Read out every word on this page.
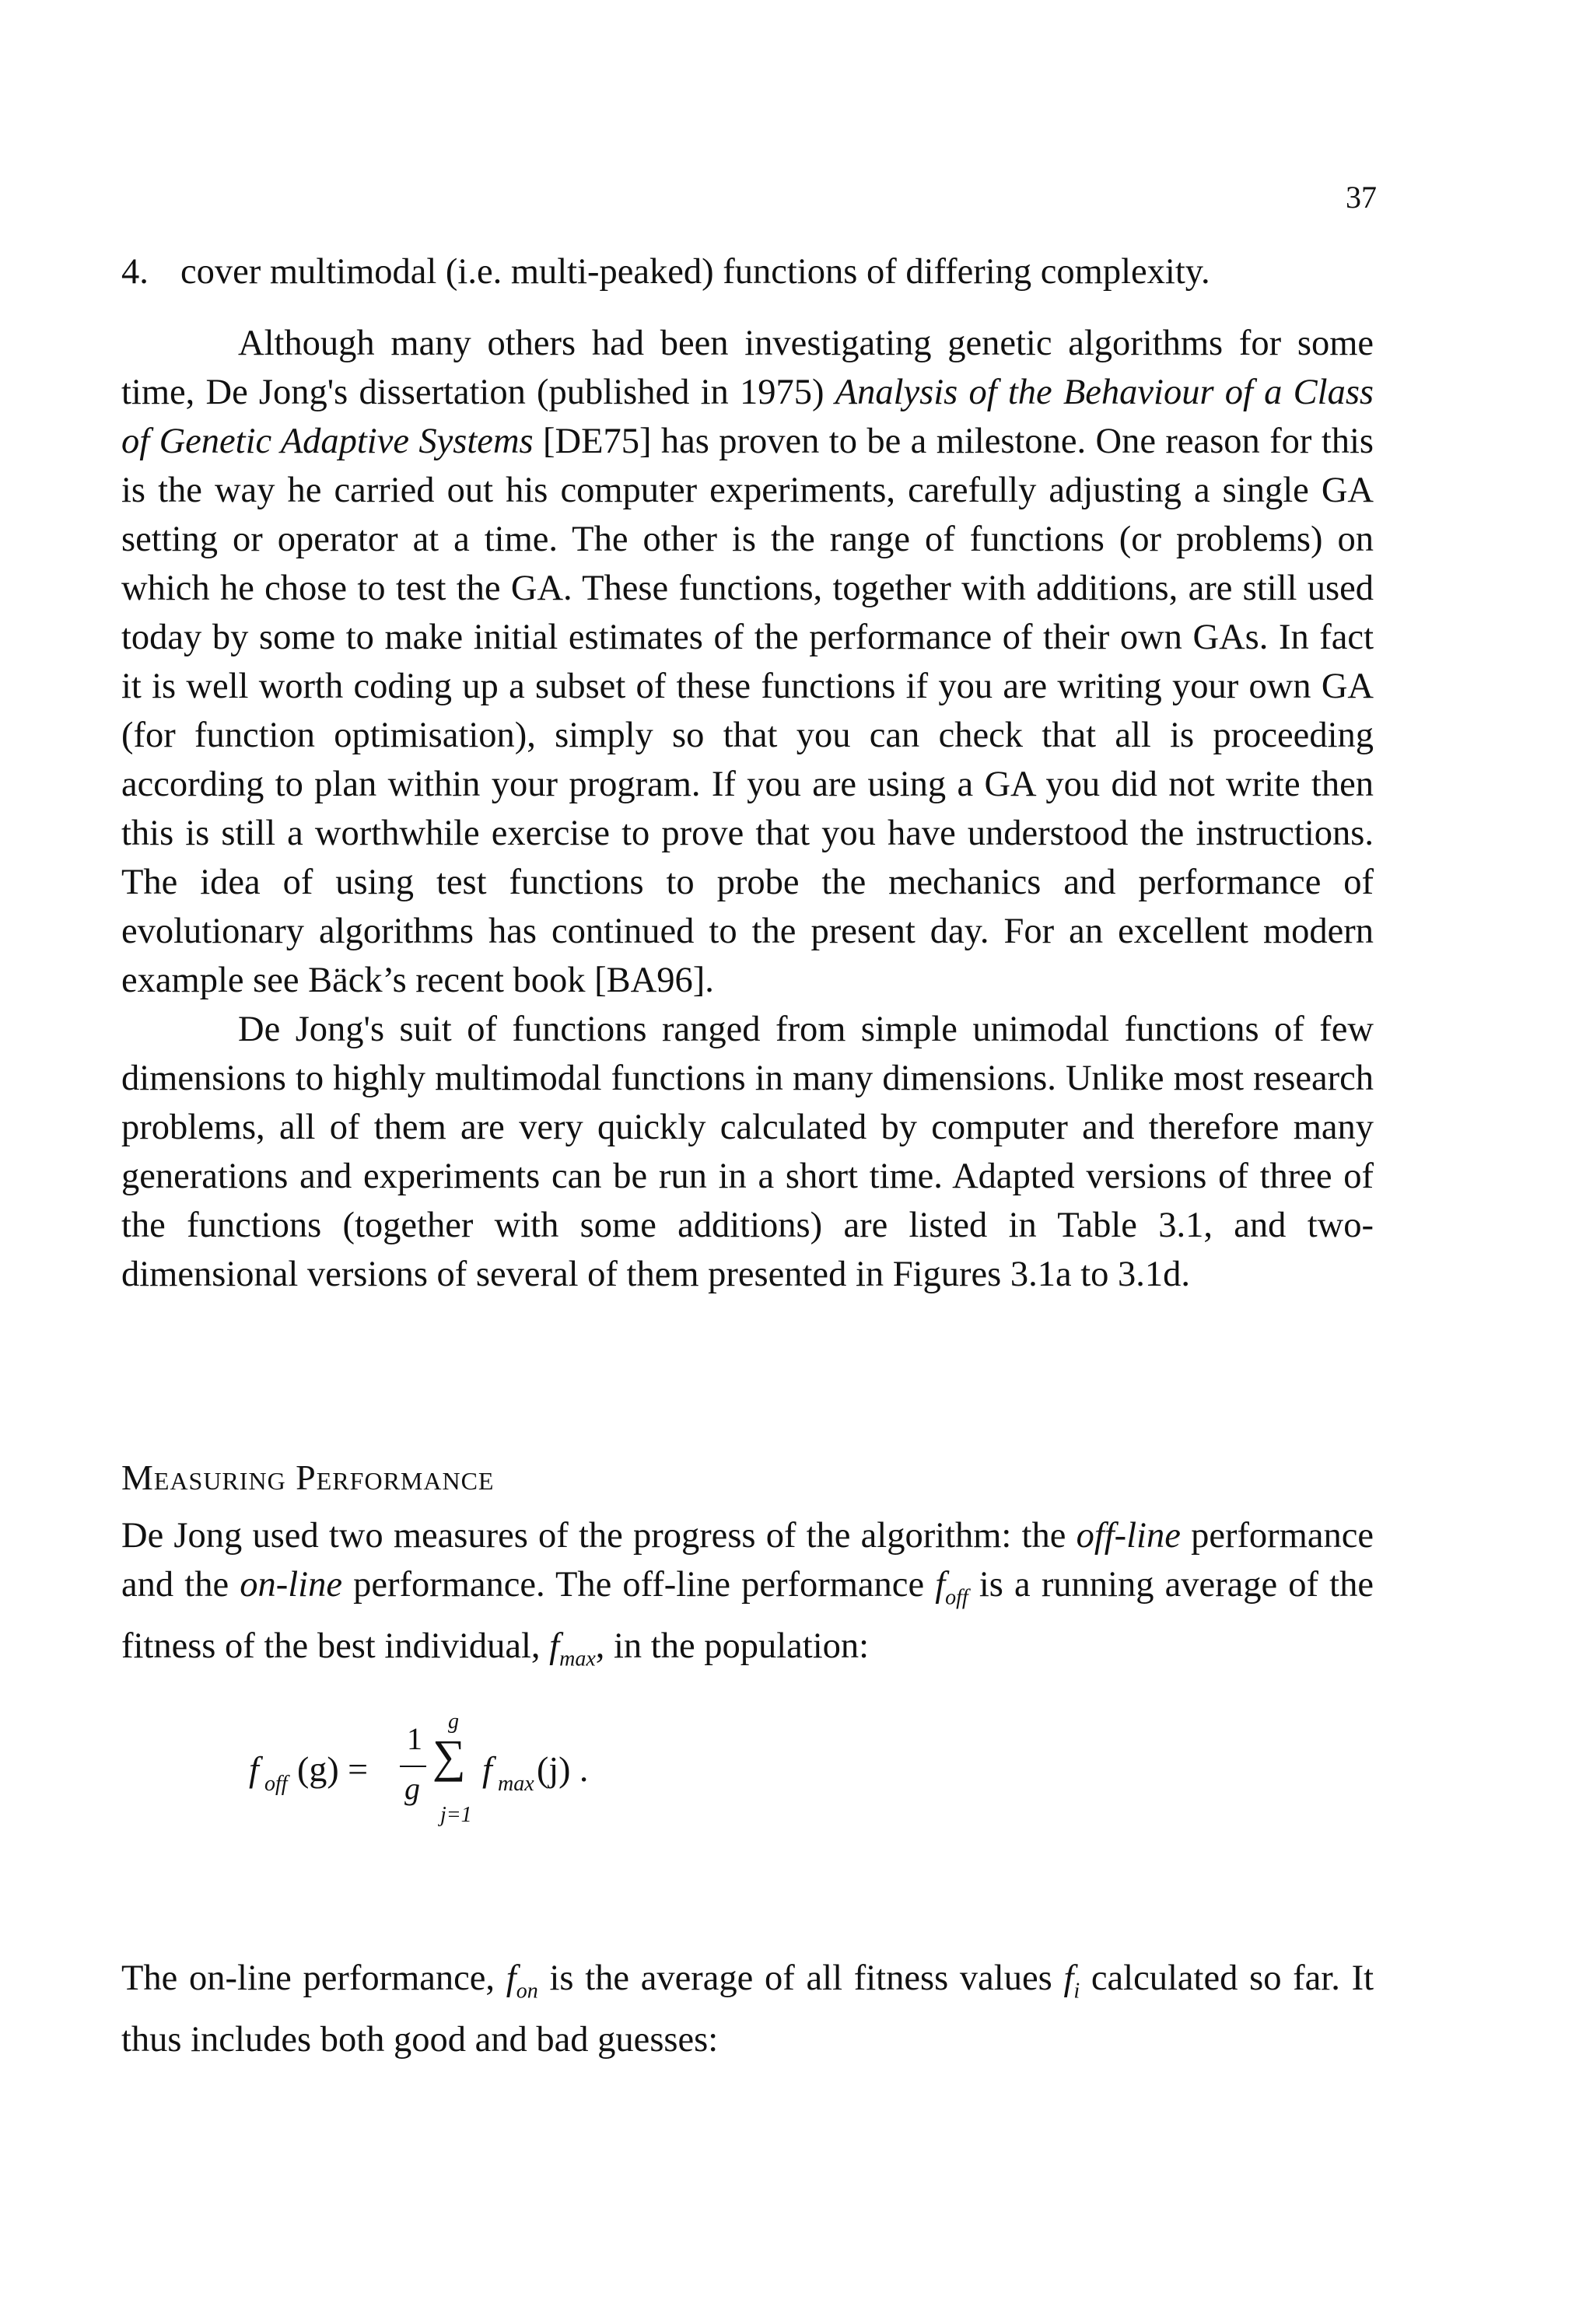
37
4. cover multimodal (i.e. multi-peaked) functions of differing complexity.

Although many others had been investigating genetic algorithms for some time, De Jong's dissertation (published in 1975) Analysis of the Behaviour of a Class of Genetic Adaptive Systems [DE75] has proven to be a milestone. One reason for this is the way he carried out his computer experiments, carefully adjusting a single GA setting or operator at a time. The other is the range of functions (or problems) on which he chose to test the GA. These functions, together with additions, are still used today by some to make initial estimates of the performance of their own GAs. In fact it is well worth coding up a subset of these functions if you are writing your own GA (for function optimisation), simply so that you can check that all is proceeding according to plan within your program. If you are using a GA you did not write then this is still a worthwhile exercise to prove that you have understood the instructions. The idea of using test functions to probe the mechanics and performance of evolutionary algorithms has continued to the present day. For an excellent modern example see Bäck’s recent book [BA96].

De Jong's suit of functions ranged from simple unimodal functions of few dimensions to highly multimodal functions in many dimensions. Unlike most research problems, all of them are very quickly calculated by computer and therefore many generations and experiments can be run in a short time. Adapted versions of three of the functions (together with some additions) are listed in Table 3.1, and two-dimensional versions of several of them presented in Figures 3.1a to 3.1d.

Measuring Performance

De Jong used two measures of the progress of the algorithm: the off-line performance and the on-line performance. The off-line performance $f_{off}$ is a running average of the fitness of the best individual, $f_{max}$, in the population:

f off (g) =
1
g
∑
g
j=1
f max (j) .

The on-line performance, $f_{on}$ is the average of all fitness values $f_i$ calculated so far. It thus includes both good and bad guesses:
